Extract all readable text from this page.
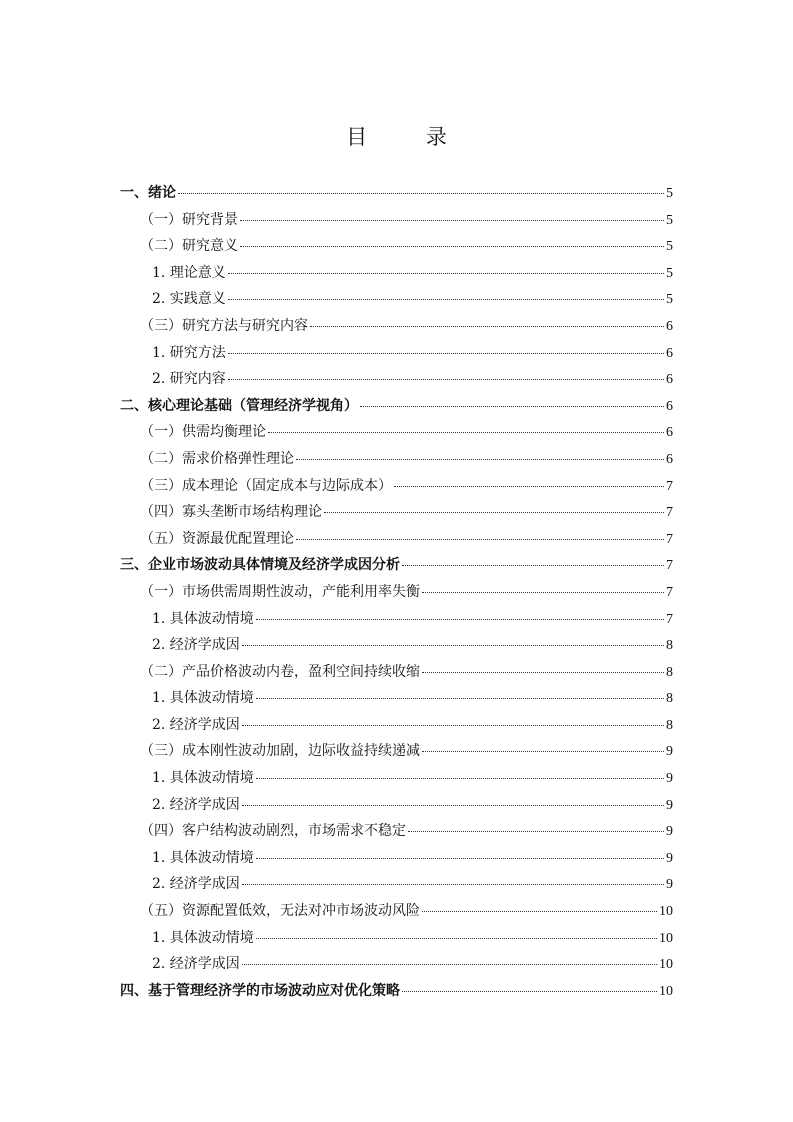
目 录
一、绪论	5
（一）研究背景	5
（二）研究意义	5
1. 理论意义	5
2. 实践意义	5
（三）研究方法与研究内容	6
1. 研究方法	6
2. 研究内容	6
二、核心理论基础（管理经济学视角）	6
（一）供需均衡理论	6
（二）需求价格弹性理论	6
（三）成本理论（固定成本与边际成本）	7
（四）寡头垄断市场结构理论	7
（五）资源最优配置理论	7
三、企业市场波动具体情境及经济学成因分析	7
（一）市场供需周期性波动，产能利用率失衡	7
1. 具体波动情境	7
2. 经济学成因	8
（二）产品价格波动内卷，盈利空间持续收缩	8
1. 具体波动情境	8
2. 经济学成因	8
（三）成本刚性波动加剧，边际收益持续递减	9
1. 具体波动情境	9
2. 经济学成因	9
（四）客户结构波动剧烈，市场需求不稳定	9
1. 具体波动情境	9
2. 经济学成因	9
（五）资源配置低效，无法对冲市场波动风险	10
1. 具体波动情境	10
2. 经济学成因	10
四、基于管理经济学的市场波动应对优化策略	10
